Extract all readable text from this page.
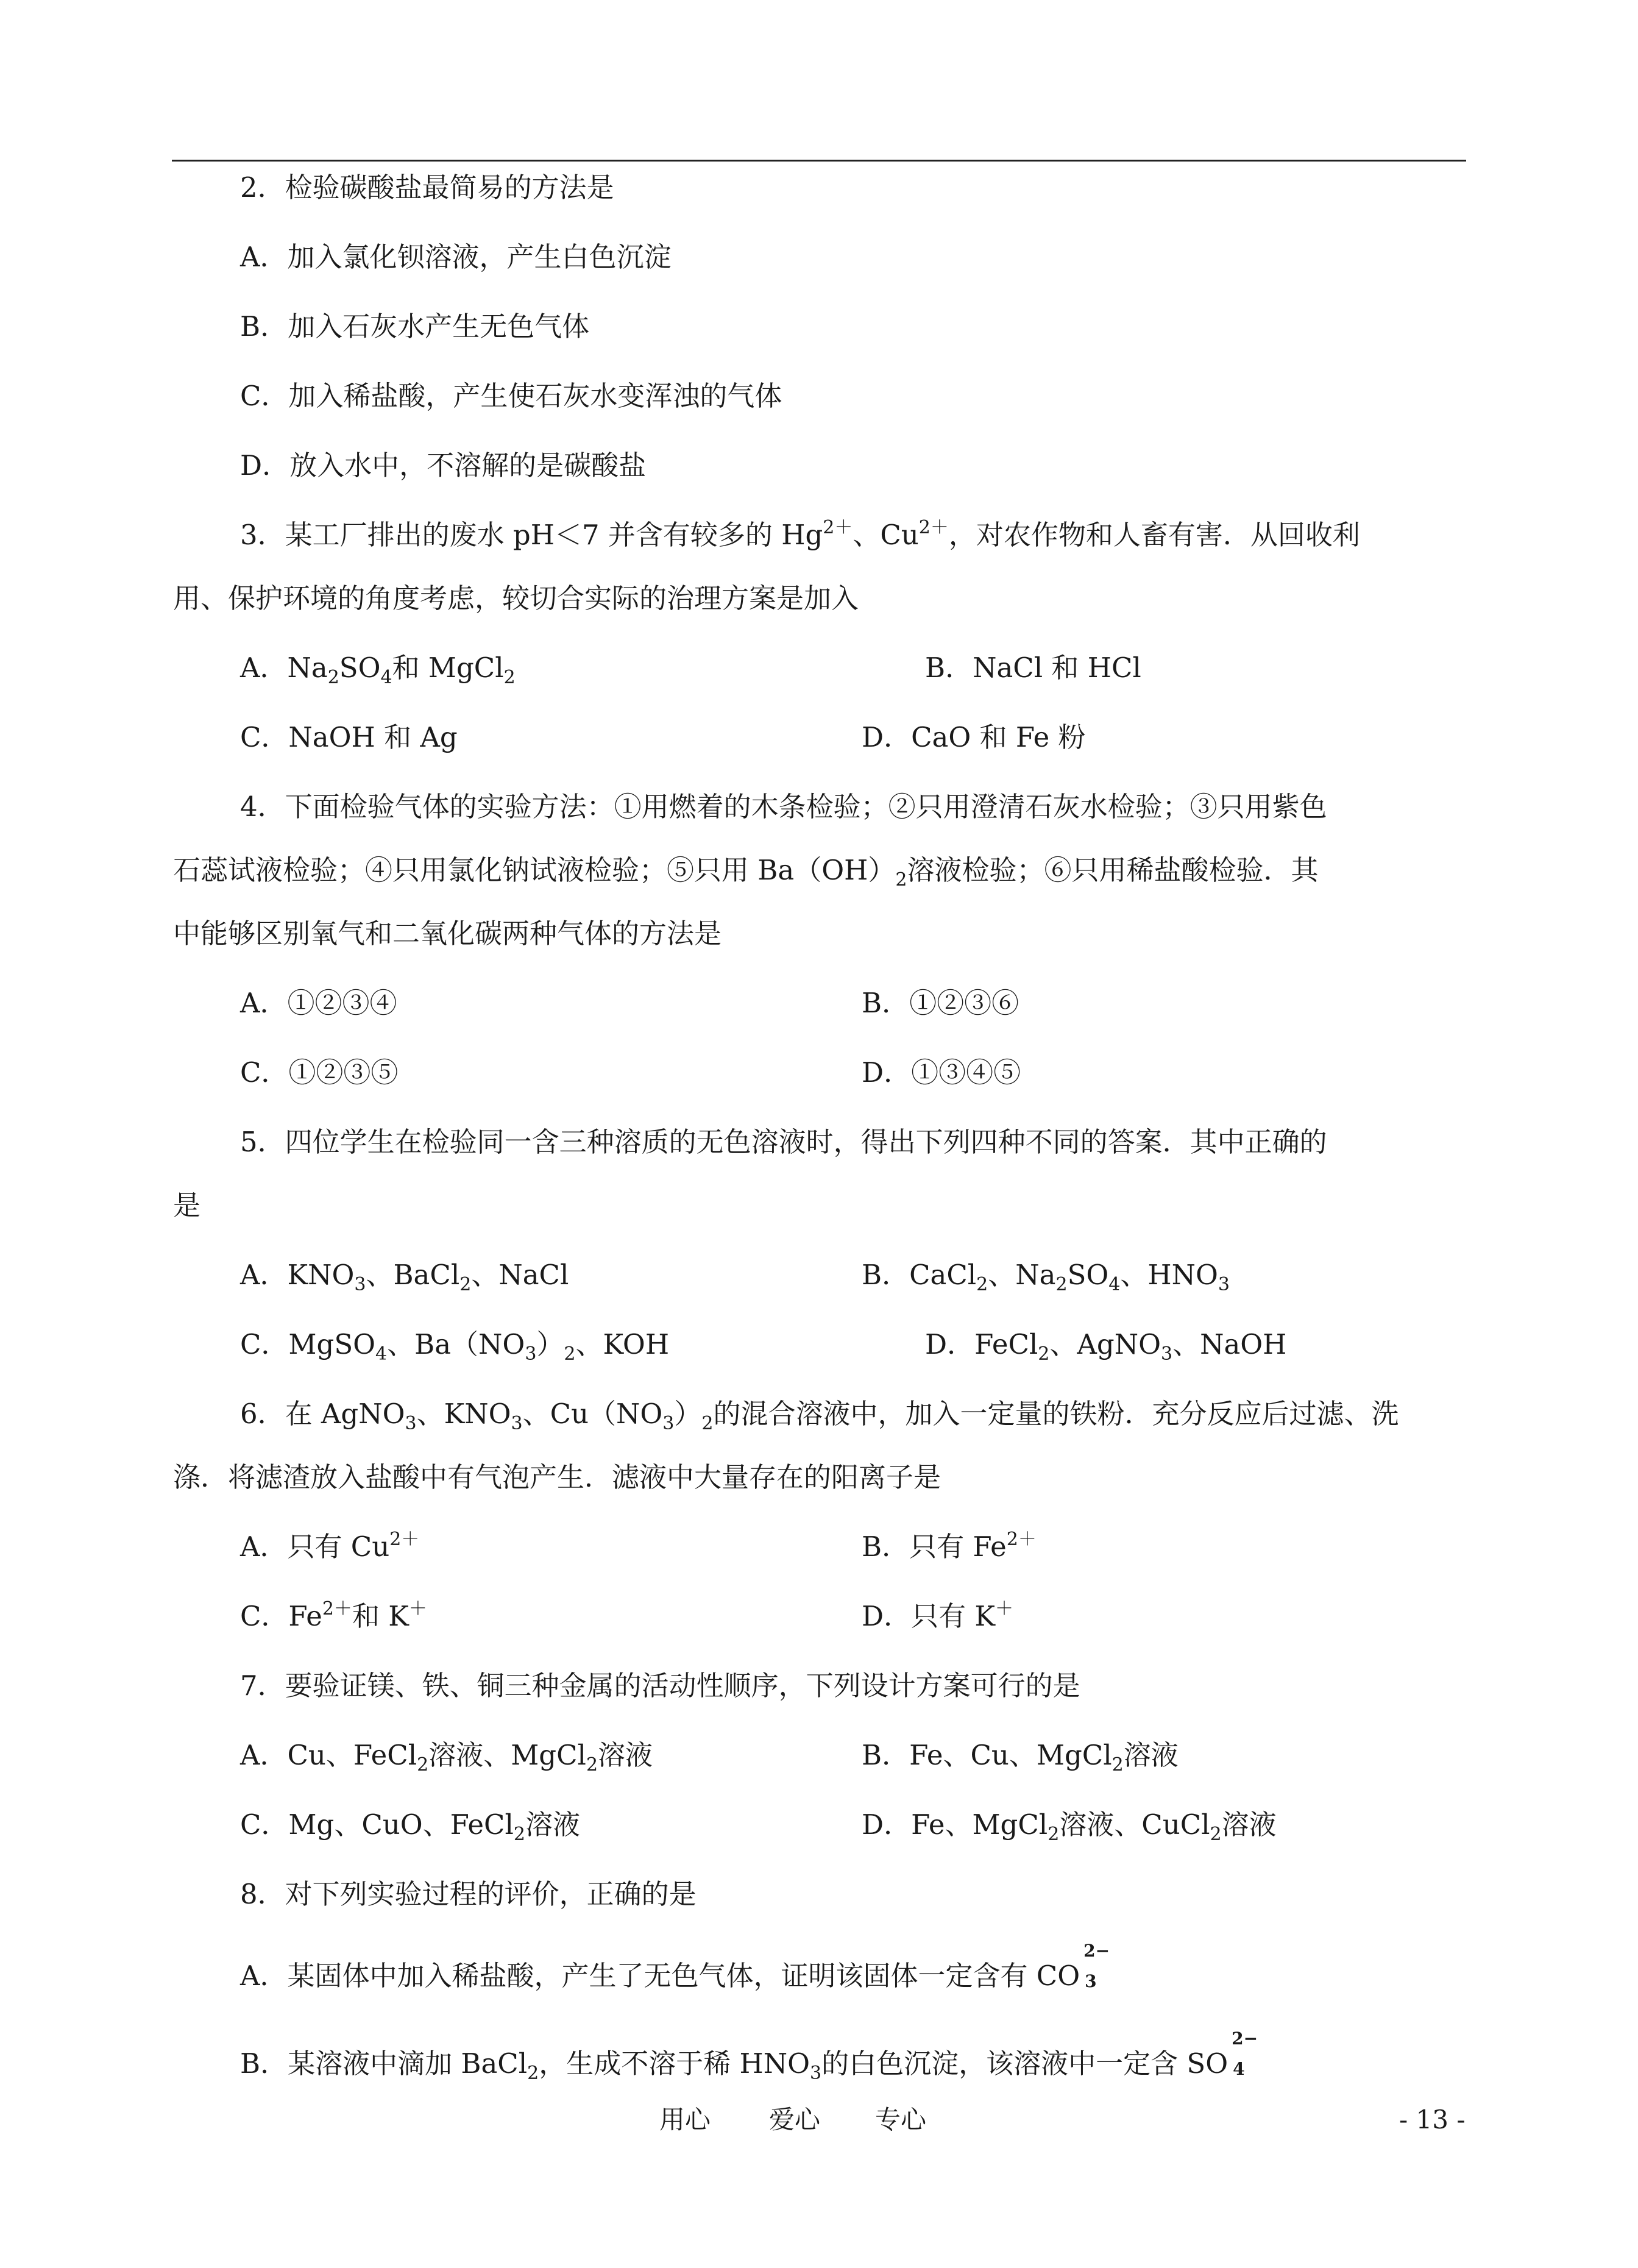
2．检验碳酸盐最简易的方法是
A．加入氯化钡溶液，产生白色沉淀
B．加入石灰水产生无色气体
C．加入稀盐酸，产生使石灰水变浑浊的气体
D．放入水中，不溶解的是碳酸盐
3．某工厂排出的废水 pH＜7 并含有较多的 $Hg^{2+}$、$Cu^{2+}$，对农作物和人畜有害．从回收利
用、保护环境的角度考虑，较切合实际的治理方案是加入
A．$Na_2SO_4$和 MgCl$_2$	B．NaCl 和 HCl
C．NaOH 和 Ag	D．CaO 和 Fe 粉
4．下面检验气体的实验方法：①用燃着的木条检验；②只用澄清石灰水检验；③只用紫色
石蕊试液检验；④只用氯化钠试液检验；⑤只用 $Ba(OH)_2$溶液检验；⑥只用稀盐酸检验．其
中能够区别氧气和二氧化碳两种气体的方法是
A．①②③④	B．①②③⑥
C．①②③⑤	D．①③④⑤
5．四位学生在检验同一含三种溶质的无色溶液时，得出下列四种不同的答案．其中正确的
是
A．$KNO_3$、BaCl$_2$、NaCl	B．CaCl$_2$、$Na_2SO_4$、$HNO_3$
C．MgSO$_4$、$Ba(NO_3)_2$、KOH	D．FeCl$_2$、AgNO$_3$、NaOH
6．在 AgNO$_3$、$KNO_3$、$Cu(NO_3)_2$的混合溶液中，加入一定量的铁粉．充分反应后过滤、洗
涤．将滤渣放入盐酸中有气泡产生．滤液中大量存在的阳离子是
A．只有 $Cu^{2+}$	B．只有 $Fe^{2+}$
C．$Fe^{2+}$和 K＋	D．只有 K＋
7．要验证镁、铁、铜三种金属的活动性顺序，下列设计方案可行的是
A．Cu、FeCl$_2$溶液、MgCl$_2$溶液	B．Fe、Cu、MgCl$_2$溶液
C．Mg、CuO、FeCl$_2$溶液	D．Fe、MgCl$_2$溶液、CuCl$_2$溶液
8．对下列实验过程的评价，正确的是
A．某固体中加入稀盐酸，产生了无色气体，证明该固体一定含有 CO
2−
3
B．某溶液中滴加 BaCl$_2$，生成不溶于稀 $HNO_3$的白色沉淀，该溶液中一定含 SO
2−
4
用心 爱心 专心	- 13 -
